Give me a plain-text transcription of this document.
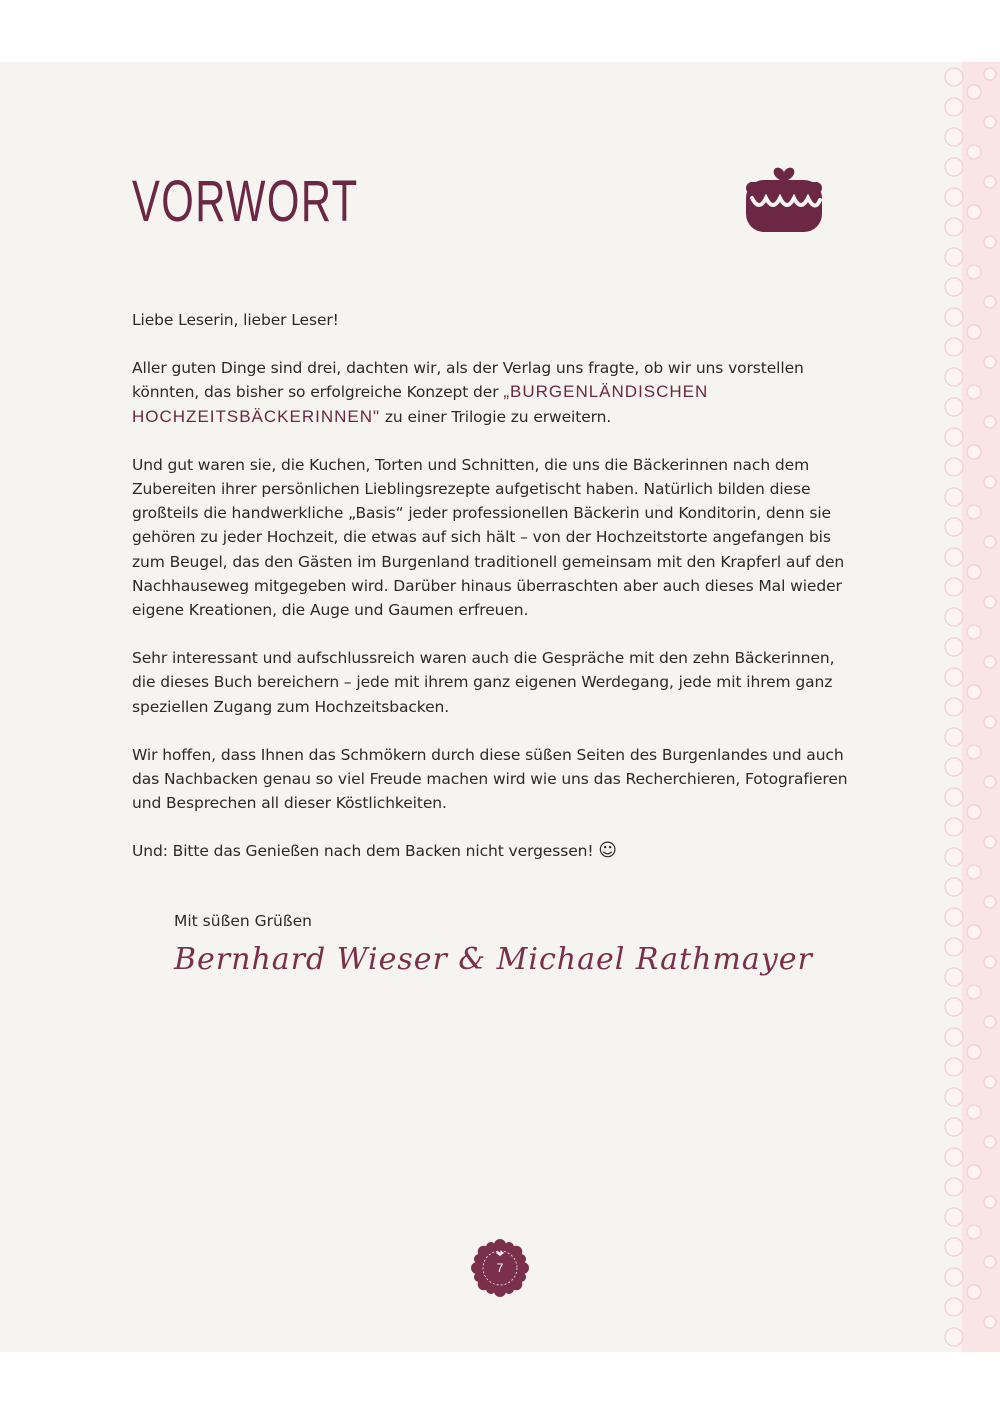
VORWORT

Liebe Leserin, lieber Leser!

Aller guten Dinge sind drei, dachten wir, als der Verlag uns fragte, ob wir uns vorstellen könnten, das bisher so erfolgreiche Konzept der „BURGENLÄNDISCHEN HOCHZEITSBÄCKERINNEN" zu einer Trilogie zu erweitern.

Und gut waren sie, die Kuchen, Torten und Schnitten, die uns die Bäckerinnen nach dem Zubereiten ihrer persönlichen Lieblingsrezepte aufgetischt haben. Natürlich bilden diese großteils die handwerkliche „Basis“ jeder professionellen Bäckerin und Konditorin, denn sie gehören zu jeder Hochzeit, die etwas auf sich hält – von der Hochzeitstorte angefangen bis zum Beugel, das den Gästen im Burgenland traditionell gemeinsam mit den Krapferl auf den Nachhauseweg mitgegeben wird. Darüber hinaus überraschten aber auch dieses Mal wieder eigene Kreationen, die Auge und Gaumen erfreuen.

Sehr interessant und aufschlussreich waren auch die Gespräche mit den zehn Bäckerinnen, die dieses Buch bereichern – jede mit ihrem ganz eigenen Werdegang, jede mit ihrem ganz speziellen Zugang zum Hochzeitsbacken.

Wir hoffen, dass Ihnen das Schmökern durch diese süßen Seiten des Burgenlandes und auch das Nachbacken genau so viel Freude machen wird wie uns das Recherchieren, Fotografieren und Besprechen all dieser Köstlichkeiten.

Und: Bitte das Genießen nach dem Backen nicht vergessen! ☺

Mit süßen Grüßen
Bernhard Wieser & Michael Rathmayer
7
